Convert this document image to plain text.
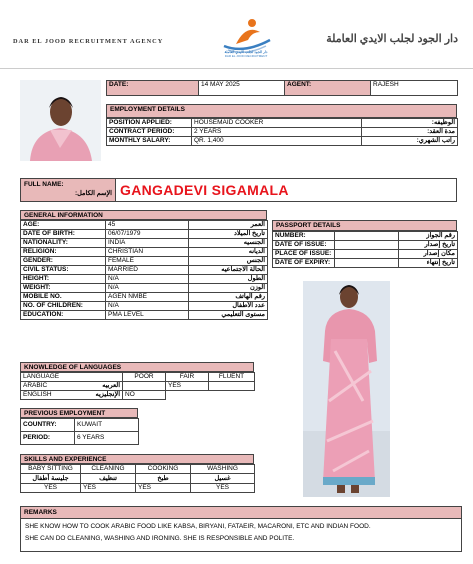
DAR EL JOOD RECRUITMENT AGENCY
دار الجود لجلب الايدي العاملة
DAR EL JOOD RECRUITMENT
دار الجود لجلب الايدي العاملة
DATE:	14 MAY 2025	AGENT:	RAJESH
EMPLOYMENT DETAILS
POSITION APPLIED:	HOUSEMAID COOKER	الوظيفه:
CONTRACT PERIOD:	2 YEARS	مدة العقد:
MONTHLY SALARY:	QR. 1,400	راتب الشهري:
FULL NAME:
الإسم الكامل: GANGADEVI SIGAMALA
GENERAL INFORMATION
AGE:	45	العمر
DATE OF BIRTH:	06/07/1979	تاريخ الميلاد
NATIONALITY:	INDIA	الجنسيه
RELIGION:	CHRISTIAN	الديانه
GENDER:	FEMALE	الجنس
CIVIL STATUS:	MARRIED	الحالة الاجتماعيه
HEIGHT:	N/A	الطول
WEIGHT:	N/A	الوزن
MOBILE NO.	AGEN NMBE	رقم الهاتف
NO. OF CHILDREN:	N/A	عدد الأطفال
EDUCATION:	PMA LEVEL	مستوى التعليمي
PASSPORT DETAILS
NUMBER:		رقم الجواز
DATE OF ISSUE:		تاريخ إصدار
PLACE OF ISSUE:		مكان إصدار
DATE OF EXPIRY:		تاريخ إنتهاء
KNOWLEDGE OF LANGUAGES
LANGUAGE		POOR	FAIR	FLUENT
ARABIC	العربيه		YES	
ENGLISH	الإنجليزيه	NO		
PREVIOUS EMPLOYMENT
COUNTRY:	KUWAIT
PERIOD:	6 YEARS
SKILLS AND EXPERIENCE
BABY SITTING	CLEANING	COOKING	WASHING
جليسة أطفال	تنظيف	طبخ	غسيل
YES	YES	YES	YES
REMARKS
SHE KNOW HOW TO COOK ARABIC FOOD LIKE KABSA, BIRYANI, FATAEIR, MACARONI, ETC AND INDIAN FOOD.
SHE CAN DO CLEANING, WASHING AND IRONING. SHE IS RESPONSIBLE AND POLITE.
